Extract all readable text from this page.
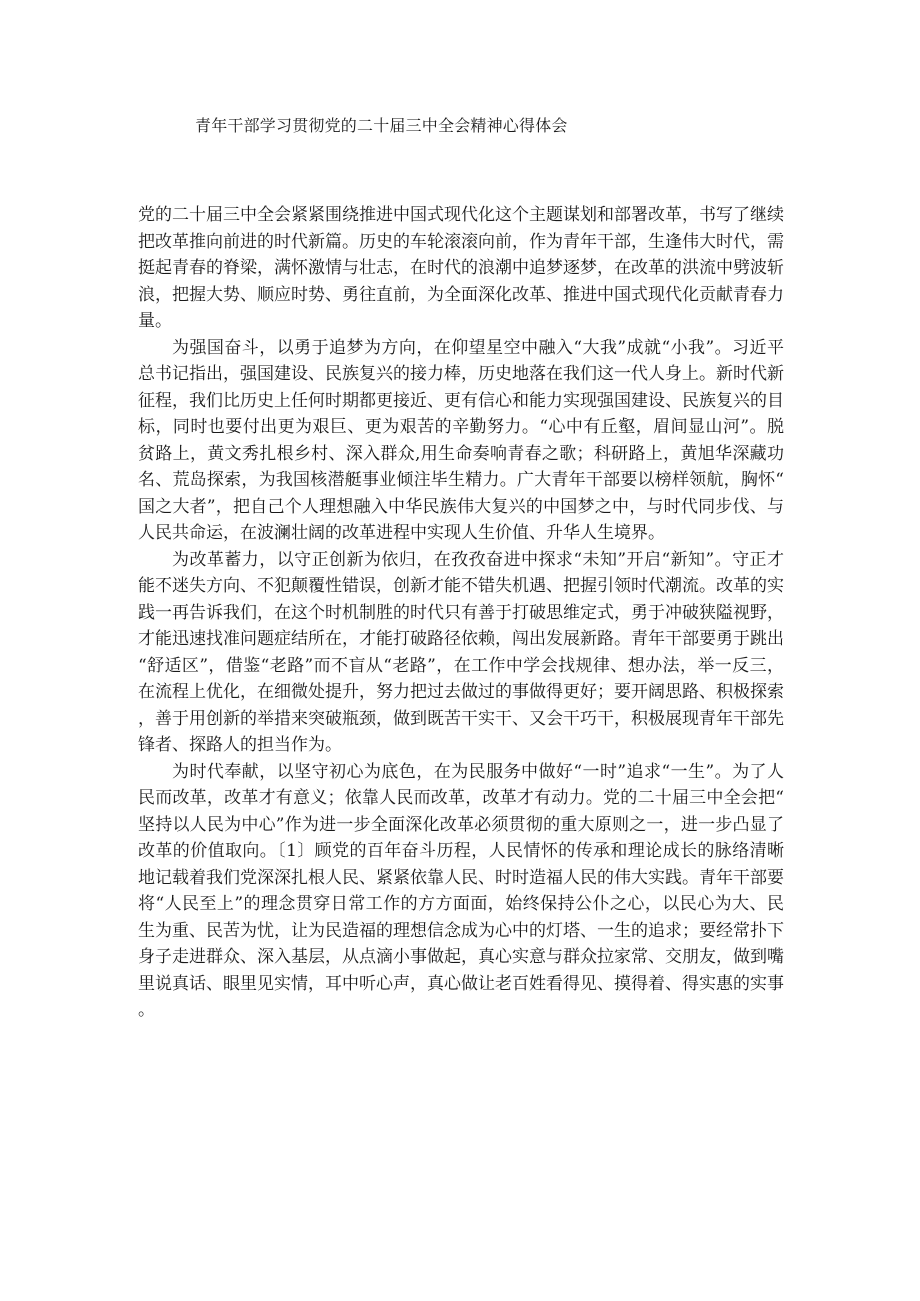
青年干部学习贯彻党的二十届三中全会精神心得体会

党的二十届三中全会紧紧围绕推进中国式现代化这个主题谋划和部署改革，书写了继续把改革推向前进的时代新篇。历史的车轮滚滚向前，作为青年干部，生逢伟大时代，需挺起青春的脊梁，满怀激情与壮志，在时代的浪潮中追梦逐梦，在改革的洪流中劈波斩浪，把握大势、顺应时势、勇往直前，为全面深化改革、推进中国式现代化贡献青春力量。

为强国奋斗，以勇于追梦为方向，在仰望星空中融入“大我”成就“小我”。习近平总书记指出，强国建设、民族复兴的接力棒，历史地落在我们这一代人身上。新时代新征程，我们比历史上任何时期都更接近、更有信心和能力实现强国建设、民族复兴的目标，同时也要付出更为艰巨、更为艰苦的辛勤努力。“心中有丘壑，眉间显山河”。脱贫路上，黄文秀扎根乡村、深入群众,用生命奏响青春之歌；科研路上，黄旭华深藏功名、荒岛探索，为我国核潜艇事业倾注毕生精力。广大青年干部要以榜样领航，胸怀“国之大者”，把自己个人理想融入中华民族伟大复兴的中国梦之中，与时代同步伐、与人民共命运，在波澜壮阔的改革进程中实现人生价值、升华人生境界。

为改革蓄力，以守正创新为依归，在孜孜奋进中探求“未知”开启“新知”。守正才能不迷失方向、不犯颠覆性错误，创新才能不错失机遇、把握引领时代潮流。改革的实践一再告诉我们，在这个时机制胜的时代只有善于打破思维定式，勇于冲破狭隘视野，才能迅速找准问题症结所在，才能打破路径依赖，闯出发展新路。青年干部要勇于跳出“舒适区”，借鉴“老路”而不盲从“老路”，在工作中学会找规律、想办法，举一反三，在流程上优化，在细微处提升，努力把过去做过的事做得更好；要开阔思路、积极探索，善于用创新的举措来突破瓶颈，做到既苦干实干、又会干巧干，积极展现青年干部先锋者、探路人的担当作为。

为时代奉献，以坚守初心为底色，在为民服务中做好“一时”追求“一生”。为了人民而改革，改革才有意义；依靠人民而改革，改革才有动力。党的二十届三中全会把“坚持以人民为中心”作为进一步全面深化改革必须贯彻的重大原则之一，进一步凸显了改革的价值取向。〔1〕顾党的百年奋斗历程，人民情怀的传承和理论成长的脉络清晰地记载着我们党深深扎根人民、紧紧依靠人民、时时造福人民的伟大实践。青年干部要将“人民至上”的理念贯穿日常工作的方方面面，始终保持公仆之心，以民心为大、民生为重、民苦为忧，让为民造福的理想信念成为心中的灯塔、一生的追求；要经常扑下身子走进群众、深入基层，从点滴小事做起，真心实意与群众拉家常、交朋友，做到嘴里说真话、眼里见实情，耳中听心声，真心做让老百姓看得见、摸得着、得实惠的实事。
